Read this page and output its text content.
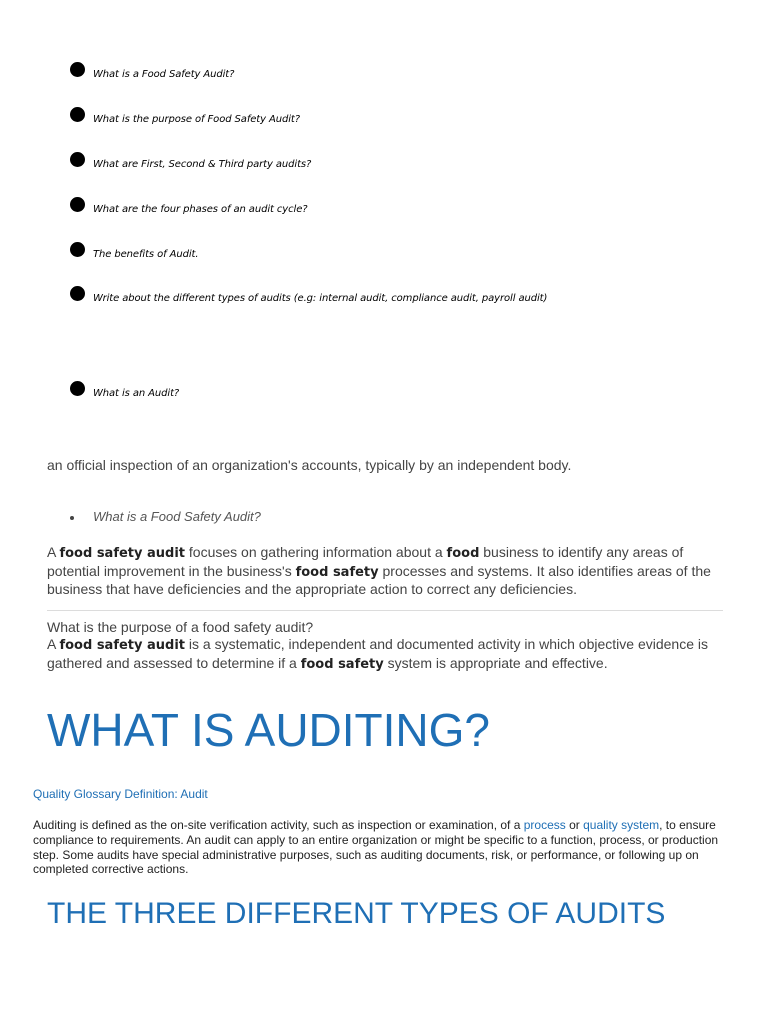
What is a Food Safety Audit?
What is the purpose of Food Safety Audit?
What are First, Second & Third party audits?
What are the four phases of an audit cycle?
The benefits of Audit.
Write about the different types of audits (e.g: internal audit, compliance audit, payroll audit)
What is an Audit?
an official inspection of an organization's accounts, typically by an independent body.
What is a Food Safety Audit?
A food safety audit focuses on gathering information about a food business to identify any areas of potential improvement in the business's food safety processes and systems. It also identifies areas of the business that have deficiencies and the appropriate action to correct any deficiencies.
What is the purpose of a food safety audit?
A food safety audit is a systematic, independent and documented activity in which objective evidence is gathered and assessed to determine if a food safety system is appropriate and effective.
WHAT IS AUDITING?
Quality Glossary Definition: Audit
Auditing is defined as the on-site verification activity, such as inspection or examination, of a process or quality system, to ensure compliance to requirements. An audit can apply to an entire organization or might be specific to a function, process, or production step. Some audits have special administrative purposes, such as auditing documents, risk, or performance, or following up on completed corrective actions.
THE THREE DIFFERENT TYPES OF AUDITS
